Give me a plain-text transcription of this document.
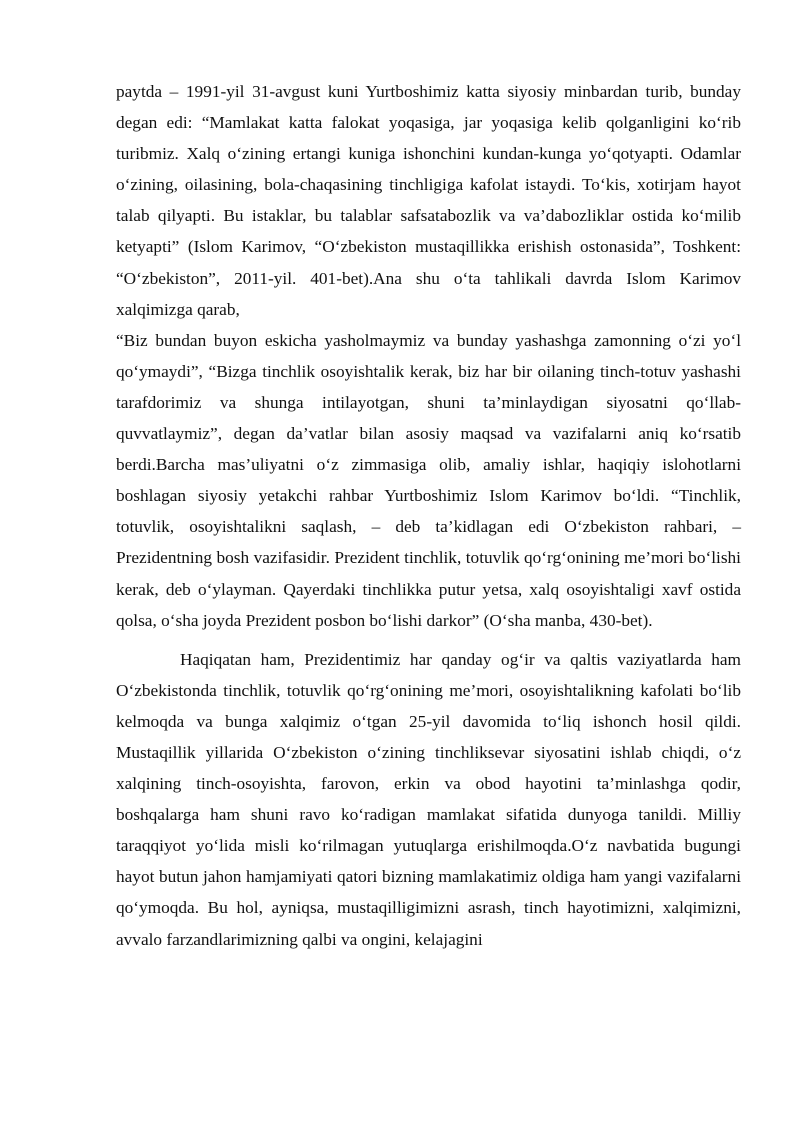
paytda – 1991-yil 31-avgust kuni Yurtboshimiz katta siyosiy minbardan turib, bunday degan edi: “Mamlakat katta falokat yoqasiga, jar yoqasiga kelib qolganligini ko‘rib turibmiz. Xalq o‘zining ertangi kuniga ishonchini kundan-kunga yo‘qotyapti. Odamlar o‘zining, oilasining, bola-chaqasining tinchligiga kafolat istaydi. To‘kis, xotirjam hayot talab qilyapti. Bu istaklar, bu talablar safsatabozlik va va’dabozliklar ostida ko‘milib ketyapti” (Islom Karimov, “O‘zbekiston mustaqillikka erishish ostonasida”, Toshkent: “O‘zbekiston”, 2011-yil. 401-bet).Ana shu o‘ta tahlikali davrda Islom Karimov xalqimizga qarab,

“Biz bundan buyon eskicha yasholmaymiz va bunday yashashga zamonning o‘zi yo‘l qo‘ymaydi”, “Bizga tinchlik osoyishtalik kerak, biz har bir oilaning tinch-totuv yashashi tarafdorimiz va shunga intilayotgan, shuni ta’minlaydigan siyosatni qo‘llab-quvvatlaymiz”, degan da’vatlar bilan asosiy maqsad va vazifalarni aniq ko‘rsatib berdi.Barcha mas’uliyatni o‘z zimmasiga olib, amaliy ishlar, haqiqiy islohotlarni boshlagan siyosiy yetakchi rahbar Yurtboshimiz Islom Karimov bo‘ldi. “Tinchlik, totuvlik, osoyishtalikni saqlash, – deb ta’kidlagan edi O‘zbekiston rahbari, – Prezidentning bosh vazifasidir. Prezident tinchlik, totuvlik qo‘rg‘onining me’mori bo‘lishi kerak, deb o‘ylayman. Qayerdaki tinchlikka putur yetsa, xalq osoyishtaligi xavf ostida qolsa, o‘sha joyda Prezident posbon bo‘lishi darkor” (O‘sha manba, 430-bet).

Haqiqatan ham, Prezidentimiz har qanday og‘ir va qaltis vaziyatlarda ham O‘zbekistonda tinchlik, totuvlik qo‘rg‘onining me’mori, osoyishtalikning kafolati bo‘lib kelmoqda va bunga xalqimiz o‘tgan 25-yil davomida to‘liq ishonch hosil qildi. Mustaqillik yillarida O‘zbekiston o‘zining tinchliksevar siyosatini ishlab chiqdi, o‘z xalqining tinch-osoyishta, farovon, erkin va obod hayotini ta’minlashga qodir, boshqalarga ham shuni ravo ko‘radigan mamlakat sifatida dunyoga tanildi. Milliy taraqqiyot yo‘lida misli ko‘rilmagan yutuqlarga erishilmoqda.O‘z navbatida bugungi hayot butun jahon hamjamiyati qatori bizning mamlakatimiz oldiga ham yangi vazifalarni qo‘ymoqda. Bu hol, ayniqsa, mustaqilligimizni asrash, tinch hayotimizni, xalqimizni, avvalo farzandlarimizning qalbi va ongini, kelajagini
